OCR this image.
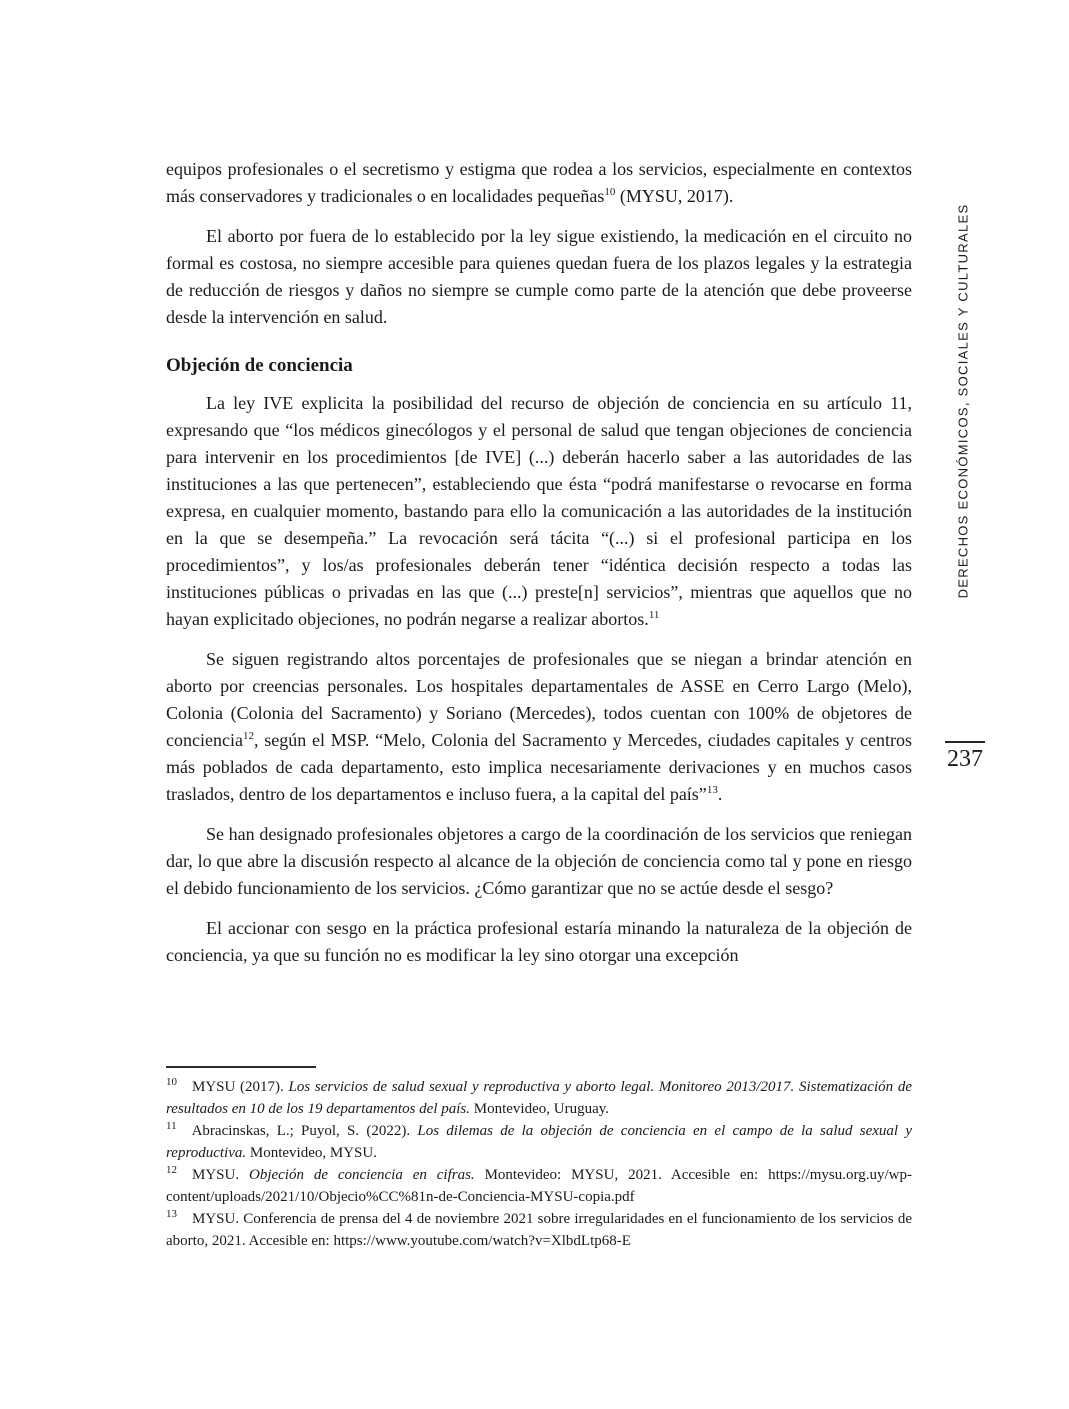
DERECHOS ECONÓMICOS, SOCIALES Y CULTURALES
237

equipos profesionales o el secretismo y estigma que rodea a los servicios, especialmente en contextos más conservadores y tradicionales o en localidades pequeñas$^{10}$ (MYSU, 2017).

El aborto por fuera de lo establecido por la ley sigue existiendo, la medicación en el circuito no formal es costosa, no siempre accesible para quienes quedan fuera de los plazos legales y la estrategia de reducción de riesgos y daños no siempre se cumple como parte de la atención que debe proveerse desde la intervención en salud.

Objeción de conciencia

La ley IVE explicita la posibilidad del recurso de objeción de conciencia en su artículo 11, expresando que “los médicos ginecólogos y el personal de salud que tengan objeciones de conciencia para intervenir en los procedimientos [de IVE] (...) deberán hacerlo saber a las autoridades de las instituciones a las que pertenecen”, estableciendo que ésta “podrá manifestarse o revocarse en forma expresa, en cualquier momento, bastando para ello la comunicación a las autoridades de la institución en la que se desempeña.” La revocación será tácita “(...) si el profesional participa en los procedimientos”, y los/as profesionales deberán tener “idéntica decisión respecto a todas las instituciones públicas o privadas en las que (...) preste[n] servicios”, mientras que aquellos que no hayan explicitado objeciones, no podrán negarse a realizar abortos.$^{11}$

Se siguen registrando altos porcentajes de profesionales que se niegan a brindar atención en aborto por creencias personales. Los hospitales departamentales de ASSE en Cerro Largo (Melo), Colonia (Colonia del Sacramento) y Soriano (Mercedes), todos cuentan con 100% de objetores de conciencia$^{12}$, según el MSP. “Melo, Colonia del Sacramento y Mercedes, ciudades capitales y centros más poblados de cada departamento, esto implica necesariamente derivaciones y en muchos casos traslados, dentro de los departamentos e incluso fuera, a la capital del país”$^{13}$.

Se han designado profesionales objetores a cargo de la coordinación de los servicios que reniegan dar, lo que abre la discusión respecto al alcance de la objeción de conciencia como tal y pone en riesgo el debido funcionamiento de los servicios. ¿Cómo garantizar que no se actúe desde el sesgo?

El accionar con sesgo en la práctica profesional estaría minando la naturaleza de la objeción de conciencia, ya que su función no es modificar la ley sino otorgar una excepción

$^{10}$ MYSU (2017). Los servicios de salud sexual y reproductiva y aborto legal. Monitoreo 2013/2017. Sistematización de resultados en 10 de los 19 departamentos del país. Montevideo, Uruguay.
$^{11}$ Abracinskas, L.; Puyol, S. (2022). Los dilemas de la objeción de conciencia en el campo de la salud sexual y reproductiva. Montevideo, MYSU.
$^{12}$ MYSU. Objeción de conciencia en cifras. Montevideo: MYSU, 2021. Accesible en: https://mysu.org.uy/wp-content/uploads/2021/10/Objecio%CC%81n-de-Conciencia-MYSU-copia.pdf
$^{13}$ MYSU. Conferencia de prensa del 4 de noviembre 2021 sobre irregularidades en el funcionamiento de los servicios de aborto, 2021. Accesible en: https://www.youtube.com/watch?v=XlbdLtp68-E
